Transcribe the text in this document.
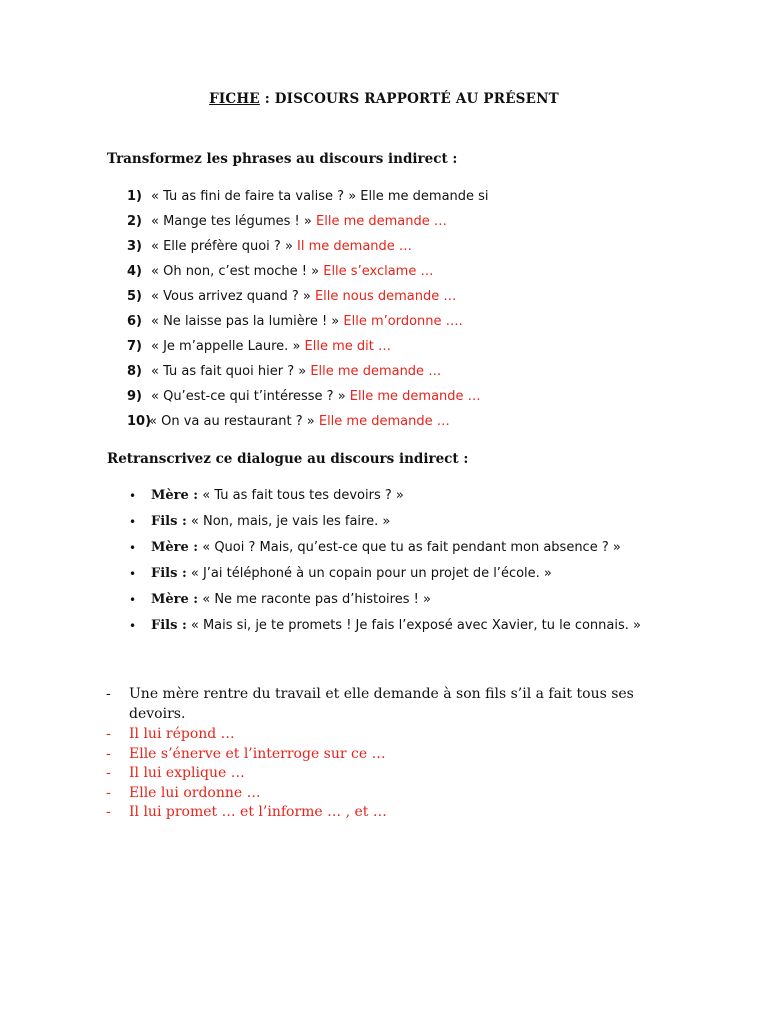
FICHE : DISCOURS RAPPORTÉ AU PRÉSENT
Transformez les phrases au discours indirect :
1) « Tu as fini de faire ta valise ? » Elle me demande si
2) « Mange tes légumes ! » Elle me demande …
3) « Elle préfère quoi ? » Il me demande …
4) « Oh non, c’est moche ! » Elle s’exclame …
5) « Vous arrivez quand ? » Elle nous demande …
6) « Ne laisse pas la lumière ! » Elle m’ordonne ….
7) « Je m’appelle Laure. » Elle me dit …
8) « Tu as fait quoi hier ? » Elle me demande …
9) « Qu’est-ce qui t’intéresse ? » Elle me demande …
10)
« On va au restaurant ? » Elle me demande …
Retranscrivez ce dialogue au discours indirect :
• Mère : « Tu as fait tous tes devoirs ? »
• Fils : « Non, mais, je vais les faire. »
• Mère : « Quoi ? Mais, qu’est-ce que tu as fait pendant mon absence ? »
• Fils : « J’ai téléphoné à un copain pour un projet de l’école. »
• Mère : « Ne me raconte pas d’histoires ! »
• Fils : « Mais si, je te promets ! Je fais l’exposé avec Xavier, tu le connais. »
- Une mère rentre du travail et elle demande à son fils s’il a fait tous ses devoirs.
- Il lui répond …
- Elle s’énerve et l’interroge sur ce …
- Il lui explique …
- Elle lui ordonne …
- Il lui promet … et l’informe … , et …
